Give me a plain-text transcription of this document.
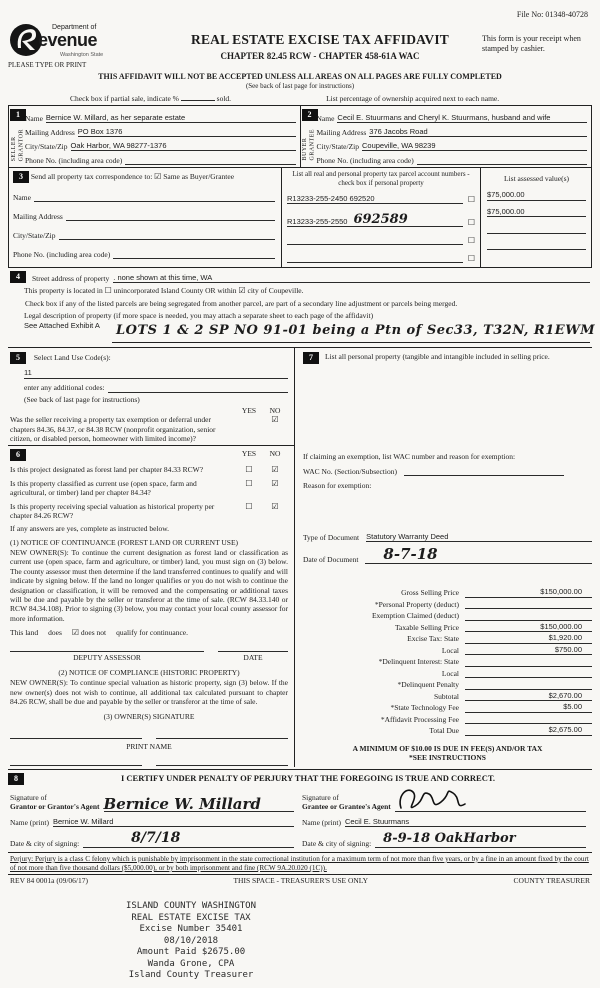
File No: 01348-40728
Department of
evenue
Washington State
PLEASE TYPE OR PRINT
REAL ESTATE EXCISE TAX AFFIDAVIT
CHAPTER 82.45 RCW - CHAPTER 458-61A WAC
This form is your receipt when stamped by cashier.
THIS AFFIDAVIT WILL NOT BE ACCEPTED UNLESS ALL AREAS ON ALL PAGES ARE FULLY COMPLETED
(See back of last page for instructions)
Check box if partial sale, indicate %	sold.	List percentage of ownership acquired next to each name.
1
SELLER GRANTOR
Name Bernice W. Millard, as her separate estate
Mailing Address PO Box 1376
City/State/Zip Oak Harbor, WA 98277-1376
Phone No. (including area code)
2
BUYER GRANTEE
Name Cecil E. Stuurmans and Cheryl K. Stuurmans, husband and wife
Mailing Address 376 Jacobs Road
City/State/Zip Coupeville, WA 98239
Phone No. (including area code)
3 Send all property tax correspondence to: ☑ Same as Buyer/Grantee
Name
Mailing Address
City/State/Zip
Phone No. (including area code)
List all real and personal property tax parcel account numbers - check box if personal property
R13233-255-2450 692520	☐
R13233-255-2550 692589	☐
☐
☐
List assessed value(s)
$75,000.00
$75,000.00
4	Street address of property . none shown at this time, WA
This property is located in ☐ unincorporated Island County OR within ☑ city of Coupeville.
Check box if any of the listed parcels are being segregated from another parcel, are part of a secondary line adjustment or parcels being merged.
Legal description of property (if more space is needed, you may attach a separate sheet to each page of the affidavit)
See Attached Exhibit A LOTS 1 & 2 SP NO 91-01 being a Ptn of Sec33, T32N, R1EWM
5 Select Land Use Code(s):
11
enter any additional codes:
(See back of last page for instructions)
YES	NO
Was the seller receiving a property tax exemption or deferral under chapters 84.36, 84.37, or 84.38 RCW (nonprofit organization, senior citizen, or disabled person, homeowner with limited income)?
☑
6	YES	NO
Is this project designated as forest land per chapter 84.33 RCW?	☐	☑
Is this property classified as current use (open space, farm and agricultural, or timber) land per chapter 84.34?
☐	☑
Is this property receiving special valuation as historical property per chapter 84.26 RCW?
☐	☑
If any answers are yes, complete as instructed below.
(1) NOTICE OF CONTINUANCE (FOREST LAND OR CURRENT USE)
NEW OWNER(S): To continue the current designation as forest land or classification as current use (open space, farm and agriculture, or timber) land, you must sign on (3) below. The county assessor must then determine if the land transferred continues to qualify and will indicate by signing below. If the land no longer qualifies or you do not wish to continue the designation or classification, it will be removed and the compensating or additional taxes will be due and payable by the seller or transferor at the time of sale. (RCW 84.33.140 or RCW 84.34.108). Prior to signing (3) below, you may contact your local county assessor for more information.
This land does ☑ does not qualify for continuance.
DEPUTY ASSESSOR	DATE
(2) NOTICE OF COMPLIANCE (HISTORIC PROPERTY)
NEW OWNER(S): To continue special valuation as historic property, sign (3) below. If the new owner(s) does not wish to continue, all additional tax calculated pursuant to chapter 84.26 RCW, shall be due and payable by the seller or transferor at the time of sale.
(3) OWNER(S) SIGNATURE
PRINT NAME
7	List all personal property (tangible and intangible included in selling price.
If claiming an exemption, list WAC number and reason for exemption:
WAC No. (Section/Subsection)
Reason for exemption:
Type of Document Statutory Warranty Deed
Date of Document	8-7-18
Gross Selling Price	$150,000.00
*Personal Property (deduct)
Exemption Claimed (deduct)
Taxable Selling Price	$150,000.00
Excise Tax: State	$1,920.00
Local	$750.00
*Delinquent Interest: State
Local
*Delinquent Penalty
Subtotal	$2,670.00
*State Technology Fee	$5.00
*Affidavit Processing Fee
Total Due	$2,675.00
A MINIMUM OF $10.00 IS DUE IN FEE(S) AND/OR TAX
*SEE INSTRUCTIONS
8	I CERTIFY UNDER PENALTY OF PERJURY THAT THE FOREGOING IS TRUE AND CORRECT.
Signature of
Grantor or Grantor's Agent Bernice W. Millard
Name (print) Bernice W. Millard
Date & city of signing:	8/7/18
Signature of
Grantee or Grantee's Agent
Name (print) Cecil E. Stuurmans
Date & city of signing: 8-9-18 OakHarbor
Perjury: Perjury is a class C felony which is punishable by imprisonment in the state correctional institution for a maximum term of not more than five years, or by a fine in an amount fixed by the court of not more than five thousand dollars ($5,000.00), or by both imprisonment and fine (RCW 9A.20.020 (1C)).
REV 84 0001a (09/06/17)	THIS SPACE - TREASURER'S USE ONLY	COUNTY TREASURER
ISLAND COUNTY WASHINGTON
REAL ESTATE EXCISE TAX
Excise Number 35401
08/10/2018
Amount Paid $2675.00
Wanda Grone, CPA
Island County Treasurer
